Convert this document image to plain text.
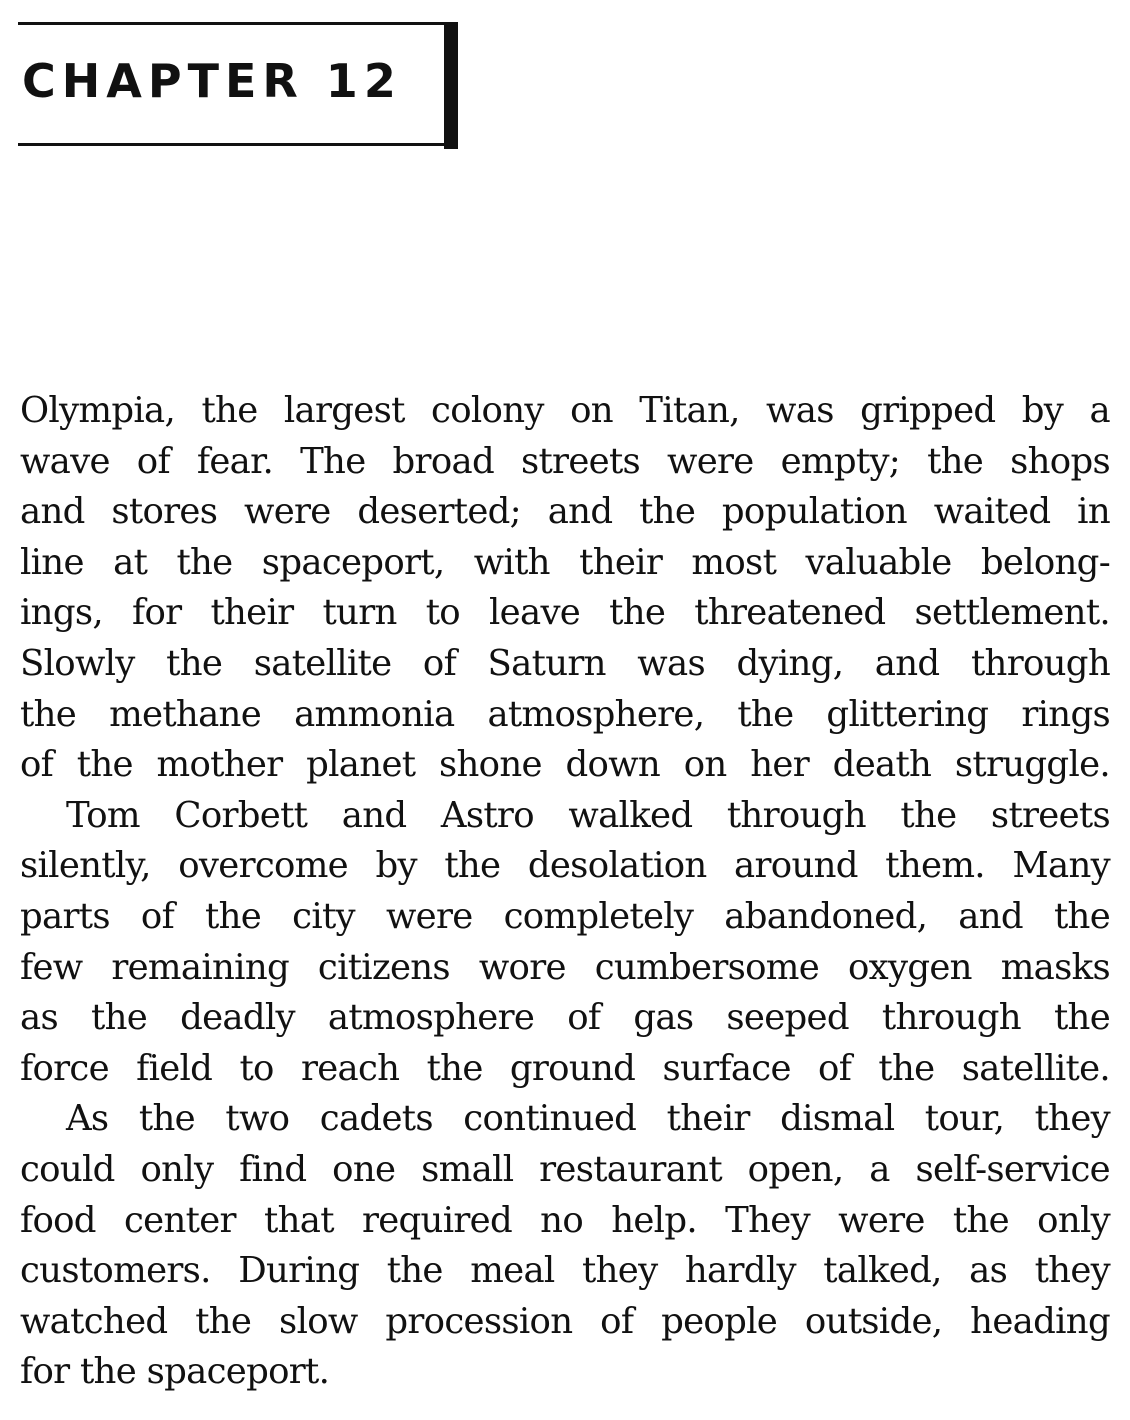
CHAPTER 12
Olympia, the largest colony on Titan, was gripped by a
wave of fear. The broad streets were empty; the shops
and stores were deserted; and the population waited in
line at the spaceport, with their most valuable belong-
ings, for their turn to leave the threatened settlement.
Slowly the satellite of Saturn was dying, and through
the methane ammonia atmosphere, the glittering rings
of the mother planet shone down on her death struggle.
Tom Corbett and Astro walked through the streets
silently, overcome by the desolation around them. Many
parts of the city were completely abandoned, and the
few remaining citizens wore cumbersome oxygen masks
as the deadly atmosphere of gas seeped through the
force field to reach the ground surface of the satellite.
As the two cadets continued their dismal tour, they
could only find one small restaurant open, a self-service
food center that required no help. They were the only
customers. During the meal they hardly talked, as they
watched the slow procession of people outside, heading
for the spaceport.
